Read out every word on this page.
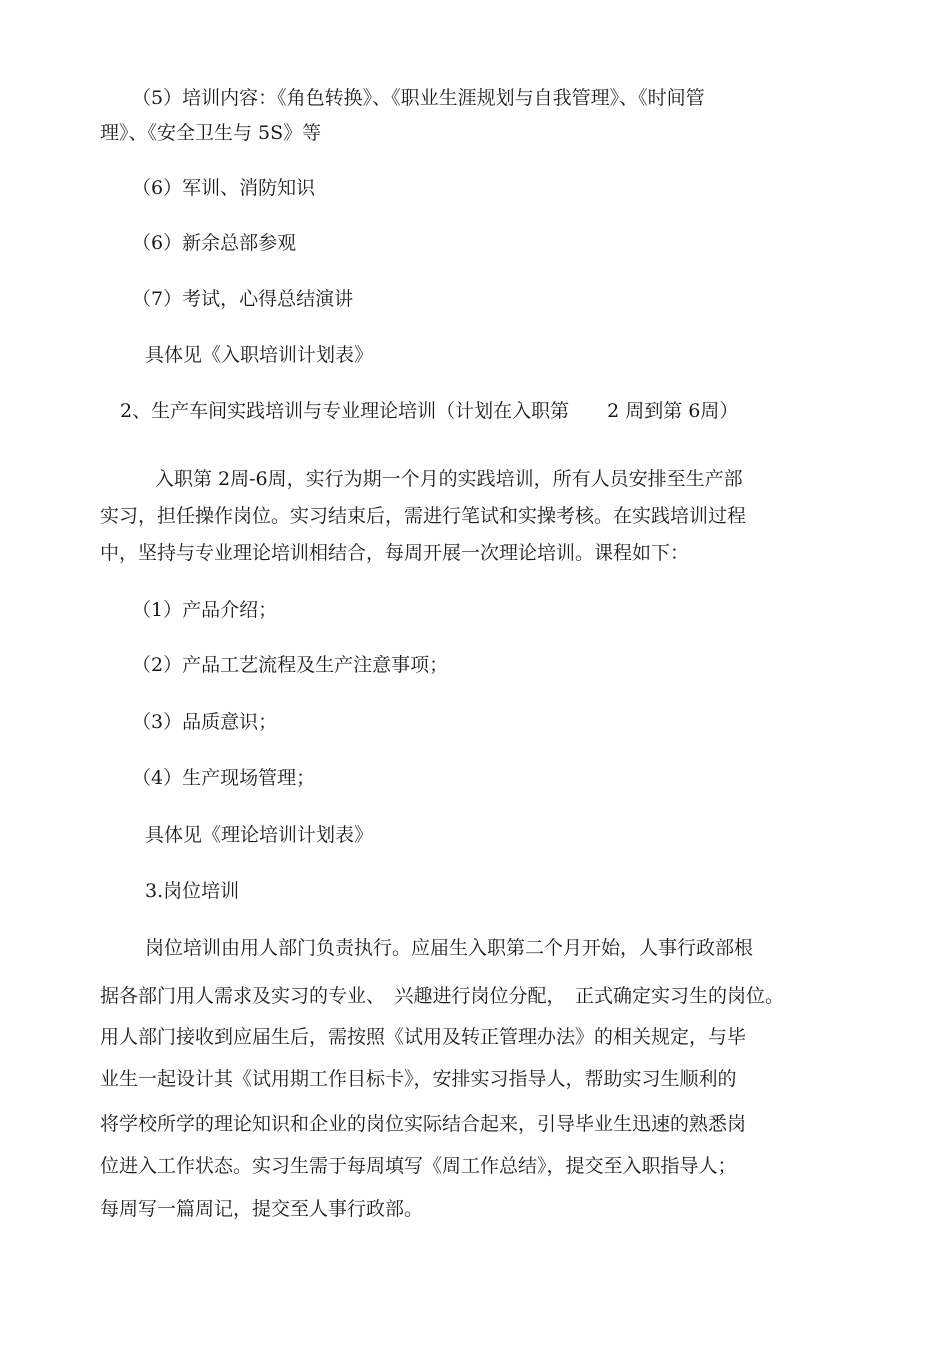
（5）培训内容：《角色转换》、《职业生涯规划与自我管理》、《时间管
理》、《安全卫生与 5S》等
（6）军训、消防知识
（6）新余总部参观
（7）考试，心得总结演讲
具体见《入职培训计划表》
2、生产车间实践培训与专业理论培训（计划在入职第　　2 周到第 6周）
入职第 2周-6周，实行为期一个月的实践培训，所有人员安排至生产部
实习，担任操作岗位。实习结束后，需进行笔试和实操考核。在实践培训过程
中，坚持与专业理论培训相结合，每周开展一次理论培训。课程如下：
（1）产品介绍；
（2）产品工艺流程及生产注意事项；
（3）品质意识；
（4）生产现场管理；
具体见《理论培训计划表》
3.岗位培训
岗位培训由用人部门负责执行。应届生入职第二个月开始，人事行政部根
据各部门用人需求及实习的专业、　兴趣进行岗位分配，　正式确定实习生的岗位。
用人部门接收到应届生后，需按照《试用及转正管理办法》的相关规定，与毕
业生一起设计其《试用期工作目标卡》，安排实习指导人，帮助实习生顺利的
将学校所学的理论知识和企业的岗位实际结合起来，引导毕业生迅速的熟悉岗
位进入工作状态。实习生需于每周填写《周工作总结》，提交至入职指导人；
每周写一篇周记，提交至人事行政部。
